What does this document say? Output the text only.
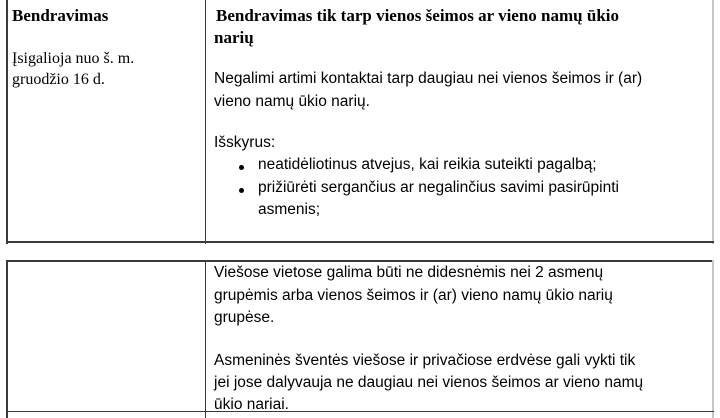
Bendravimas
Įsigalioja nuo š. m.
gruodžio 16 d.
Bendravimas tik tarp vienos šeimos ar vieno namų ūkio
narių
Negalimi artimi kontaktai tarp daugiau nei vienos šeimos ir (ar)
vieno namų ūkio narių.
Išskyrus:
neatidėliotinus atvejus, kai reikia suteikti pagalbą;
prižiūrėti sergančius ar negalinčius savimi pasirūpinti
asmenis;
Viešose vietose galima būti ne didesnėmis nei 2 asmenų
grupėmis arba vienos šeimos ir (ar) vieno namų ūkio narių
grupėse.
Asmeninės šventės viešose ir privačiose erdvėse gali vykti tik
jei jose dalyvauja ne daugiau nei vienos šeimos ar vieno namų
ūkio nariai.
